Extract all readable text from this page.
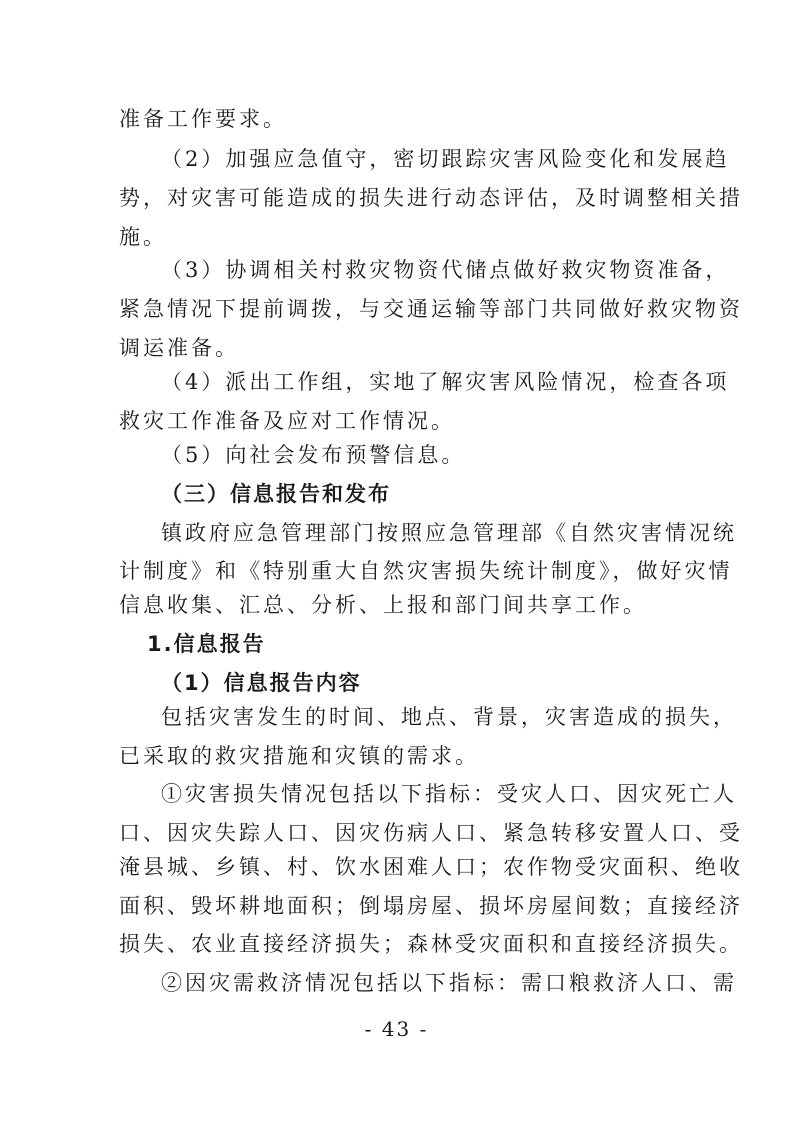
准备工作要求。
（2）加强应急值守，密切跟踪灾害风险变化和发展趋
势，对灾害可能造成的损失进行动态评估，及时调整相关措
施。
（3）协调相关村救灾物资代储点做好救灾物资准备，
紧急情况下提前调拨，与交通运输等部门共同做好救灾物资
调运准备。
（4）派出工作组，实地了解灾害风险情况，检查各项
救灾工作准备及应对工作情况。
（5）向社会发布预警信息。
（三）信息报告和发布
镇政府应急管理部门按照应急管理部《自然灾害情况统
计制度》和《特别重大自然灾害损失统计制度》，做好灾情
信息收集、汇总、分析、上报和部门间共享工作。
1.信息报告
（1）信息报告内容
包括灾害发生的时间、地点、背景，灾害造成的损失，
已采取的救灾措施和灾镇的需求。
①灾害损失情况包括以下指标：受灾人口、因灾死亡人
口、因灾失踪人口、因灾伤病人口、紧急转移安置人口、受
淹县城、乡镇、村、饮水困难人口；农作物受灾面积、绝收
面积、毁坏耕地面积；倒塌房屋、损坏房屋间数；直接经济
损失、农业直接经济损失；森林受灾面积和直接经济损失。
②因灾需救济情况包括以下指标：需口粮救济人口、需
- 43 -
